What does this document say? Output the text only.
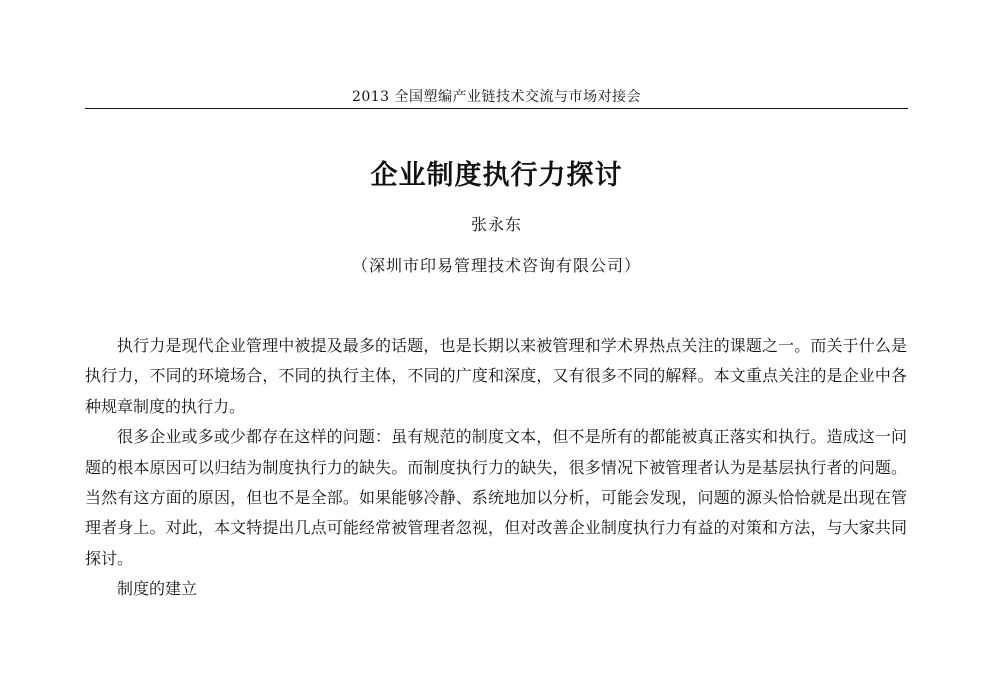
2013 全国塑编产业链技术交流与市场对接会
企业制度执行力探讨
张永东
（深圳市印易管理技术咨询有限公司）

执行力是现代企业管理中被提及最多的话题，也是长期以来被管理和学术界热点关注的课题之一。而关于什么是执行力，不同的环境场合，不同的执行主体，不同的广度和深度，又有很多不同的解释。本文重点关注的是企业中各种规章制度的执行力。

很多企业或多或少都存在这样的问题：虽有规范的制度文本，但不是所有的都能被真正落实和执行。造成这一问题的根本原因可以归结为制度执行力的缺失。而制度执行力的缺失，很多情况下被管理者认为是基层执行者的问题。当然有这方面的原因，但也不是全部。如果能够冷静、系统地加以分析，可能会发现，问题的源头恰恰就是出现在管理者身上。对此，本文特提出几点可能经常被管理者忽视，但对改善企业制度执行力有益的对策和方法，与大家共同探讨。

制度的建立
